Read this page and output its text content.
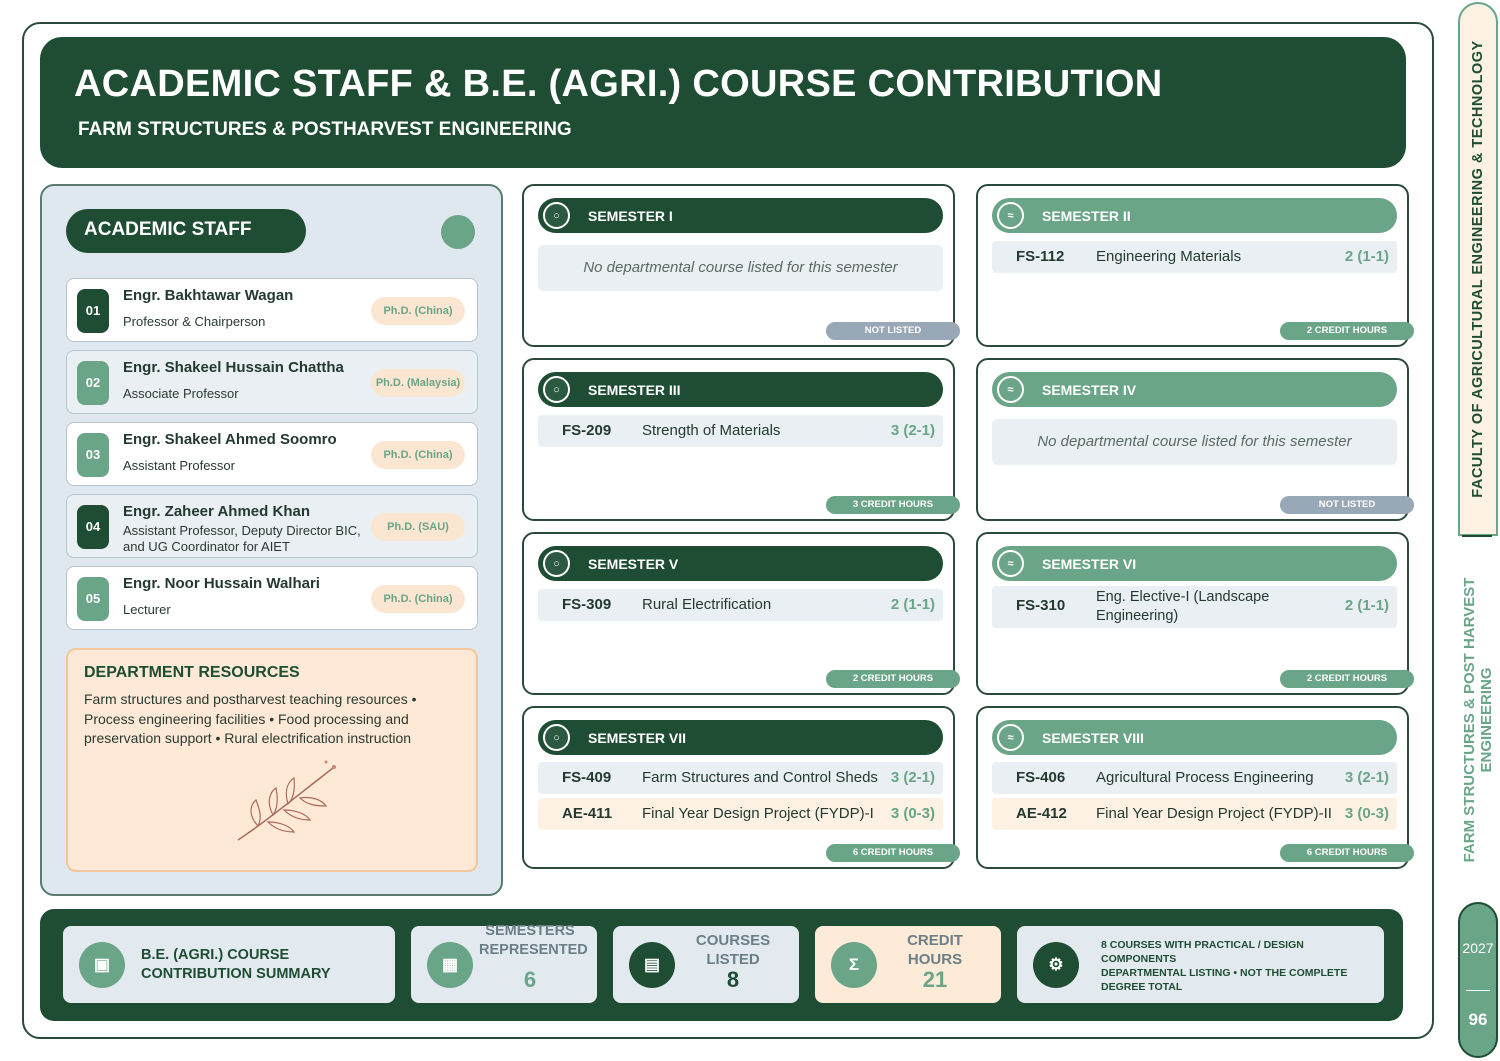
ACADEMIC STAFF & B.E. (AGRI.) COURSE CONTRIBUTION
FARM STRUCTURES & POSTHARVEST ENGINEERING
ACADEMIC STAFF
01
Engr. Bakhtawar Wagan
Professor & Chairperson
Ph.D. (China)
02
Engr. Shakeel Hussain Chattha
Associate Professor
Ph.D. (Malaysia)
03
Engr. Shakeel Ahmed Soomro
Assistant Professor
Ph.D. (China)
04
Engr. Zaheer Ahmed Khan
Assistant Professor, Deputy Director BIC, and UG Coordinator for AIET
Ph.D. (SAU)
05
Engr. Noor Hussain Walhari
Lecturer
Ph.D. (China)
DEPARTMENT RESOURCES

Farm structures and postharvest teaching resources • Process engineering facilities • Food processing and preservation support • Rural electrification instruction

○	SEMESTER I
No departmental course listed for this semester
NOT LISTED
≈	SEMESTER II
FS-112 Engineering Materials	2 (1-1)
2 CREDIT HOURS
○	SEMESTER III
FS-209 Strength of Materials	3 (2-1)
3 CREDIT HOURS
≈	SEMESTER IV
No departmental course listed for this semester
NOT LISTED
○	SEMESTER V
FS-309 Rural Electrification	2 (1-1)
2 CREDIT HOURS
≈	SEMESTER VI
FS-310 Eng. Elective-I (Landscape Engineering)
2 (1-1)
2 CREDIT HOURS
○	SEMESTER VII
FS-409 Farm Structures and Control Sheds 3 (2-1)
AE-411 Final Year Design Project (FYDP)-I 3 (0-3)
6 CREDIT HOURS
≈	SEMESTER VIII
FS-406 Agricultural Process Engineering 3 (2-1)
AE-412 Final Year Design Project (FYDP)-II 3 (0-3)
6 CREDIT HOURS
▣	B.E. (AGRI.) COURSE
CONTRIBUTION SUMMARY	▦
SEMESTERS REPRESENTED
6
▤
COURSES LISTED
8
Σ
CREDIT HOURS
21
⚙
8 COURSES WITH PRACTICAL / DESIGN COMPONENTS
DEPARTMENTAL LISTING • NOT THE COMPLETE DEGREE TOTAL
FACULTY OF AGRICULTURAL ENGINEERING & TECHNOLOGY
FARM STRUCTURES & POST HARVEST ENGINEERING
2027
96
